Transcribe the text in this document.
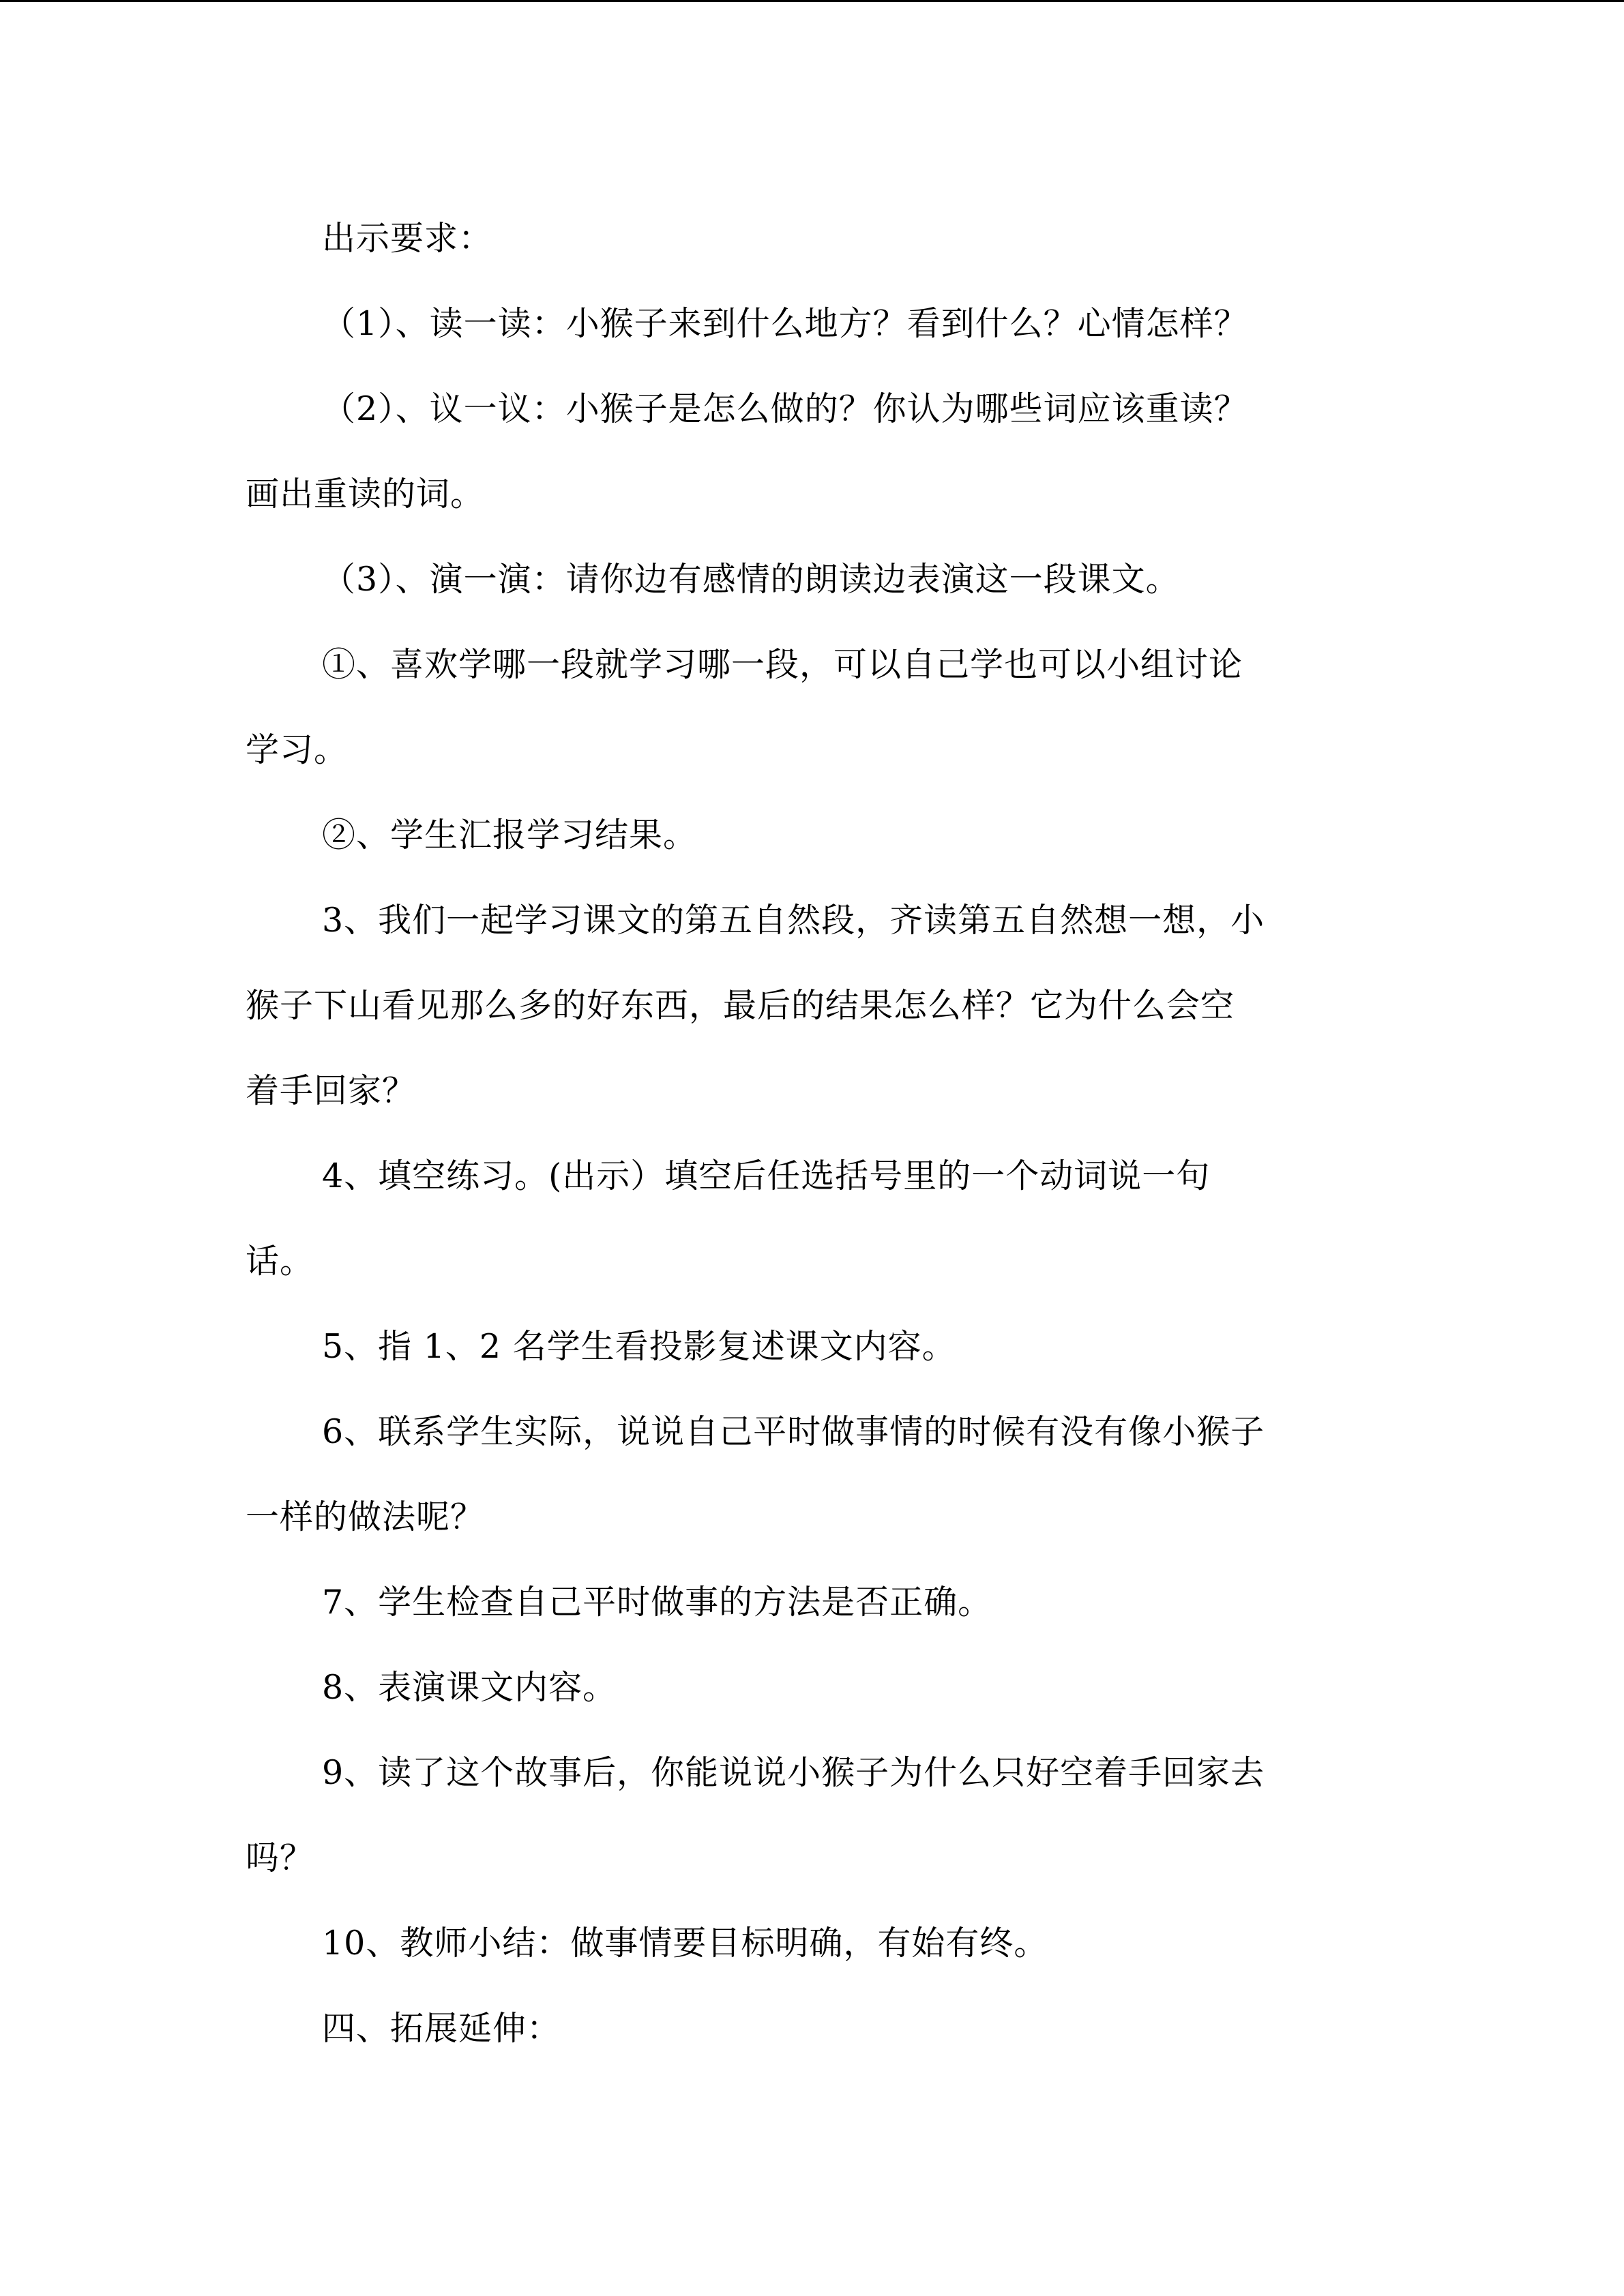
出示要求：
（1）、读一读：小猴子来到什么地方？看到什么？心情怎样？
（2）、议一议：小猴子是怎么做的？你认为哪些词应该重读？
画出重读的词。
（3）、演一演：请你边有感情的朗读边表演这一段课文。
①、喜欢学哪一段就学习哪一段，可以自己学也可以小组讨论
学习。
②、学生汇报学习结果。
3、我们一起学习课文的第五自然段，齐读第五自然想一想，小
猴子下山看见那么多的好东西，最后的结果怎么样？它为什么会空
着手回家？
4、填空练习。(出示）填空后任选括号里的一个动词说一句
话。
5、指 1、2 名学生看投影复述课文内容。
6、联系学生实际，说说自己平时做事情的时候有没有像小猴子
一样的做法呢？
7、学生检查自己平时做事的方法是否正确。
8、表演课文内容。
9、读了这个故事后，你能说说小猴子为什么只好空着手回家去
吗？
10、教师小结：做事情要目标明确，有始有终。
四、拓展延伸：
